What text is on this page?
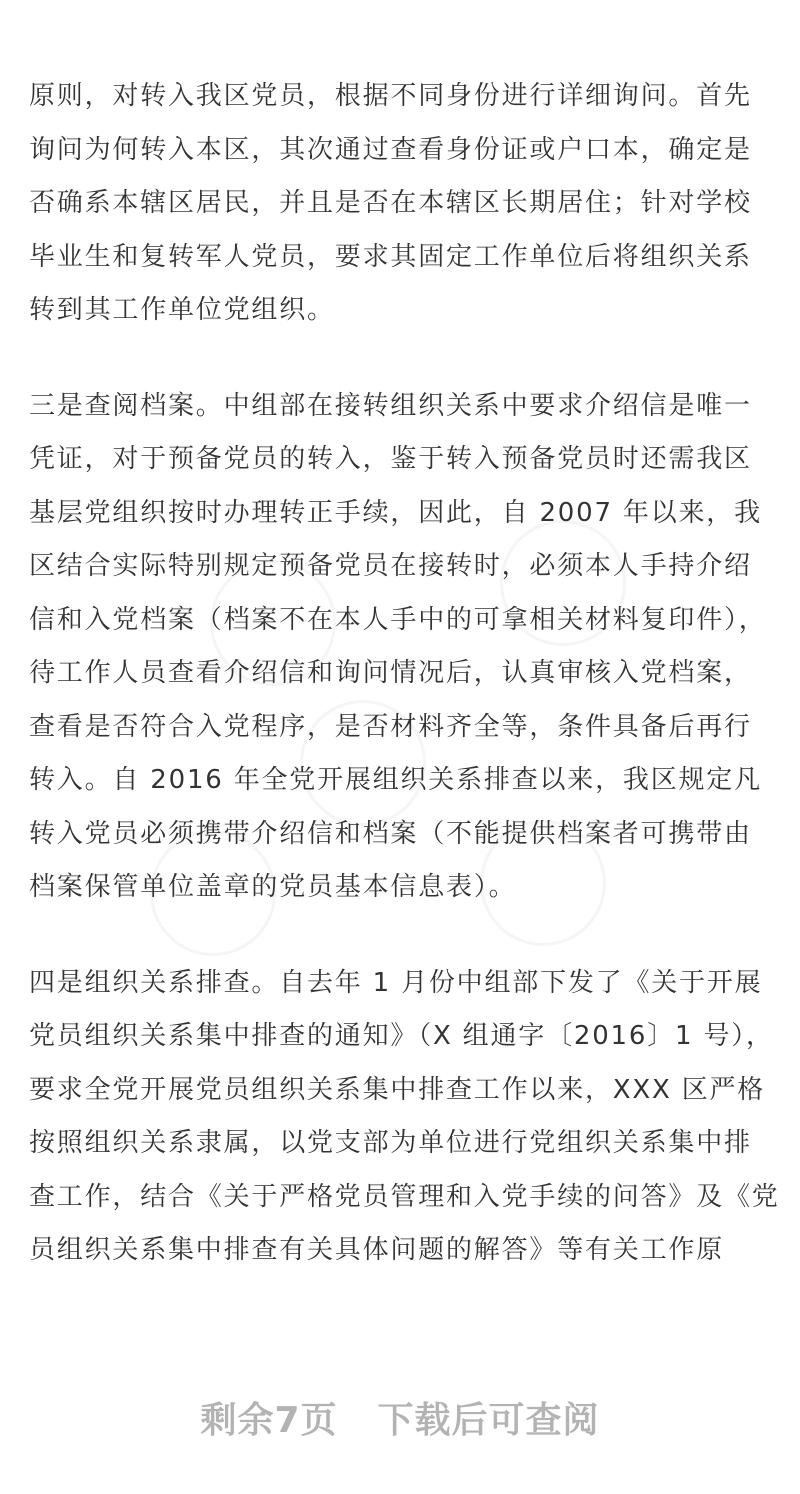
原则，对转入我区党员，根据不同身份进行详细询问。首先
询问为何转入本区，其次通过查看身份证或户口本，确定是
否确系本辖区居民，并且是否在本辖区长期居住；针对学校
毕业生和复转军人党员，要求其固定工作单位后将组织关系
转到其工作单位党组织。

三是查阅档案。中组部在接转组织关系中要求介绍信是唯一
凭证，对于预备党员的转入，鉴于转入预备党员时还需我区
基层党组织按时办理转正手续，因此，自 2007 年以来，我
区结合实际特别规定预备党员在接转时，必须本人手持介绍
信和入党档案（档案不在本人手中的可拿相关材料复印件），
待工作人员查看介绍信和询问情况后，认真审核入党档案，
查看是否符合入党程序，是否材料齐全等，条件具备后再行
转入。自 2016 年全党开展组织关系排查以来，我区规定凡
转入党员必须携带介绍信和档案（不能提供档案者可携带由
档案保管单位盖章的党员基本信息表）。

四是组织关系排查。自去年 1 月份中组部下发了《关于开展
党员组织关系集中排查的通知》（X 组通字〔2016〕1 号），
要求全党开展党员组织关系集中排查工作以来，XXX 区严格
按照组织关系隶属，以党支部为单位进行党组织关系集中排
查工作，结合《关于严格党员管理和入党手续的问答》及《党
员组织关系集中排查有关具体问题的解答》等有关工作原

剩余7页 下载后可查阅
